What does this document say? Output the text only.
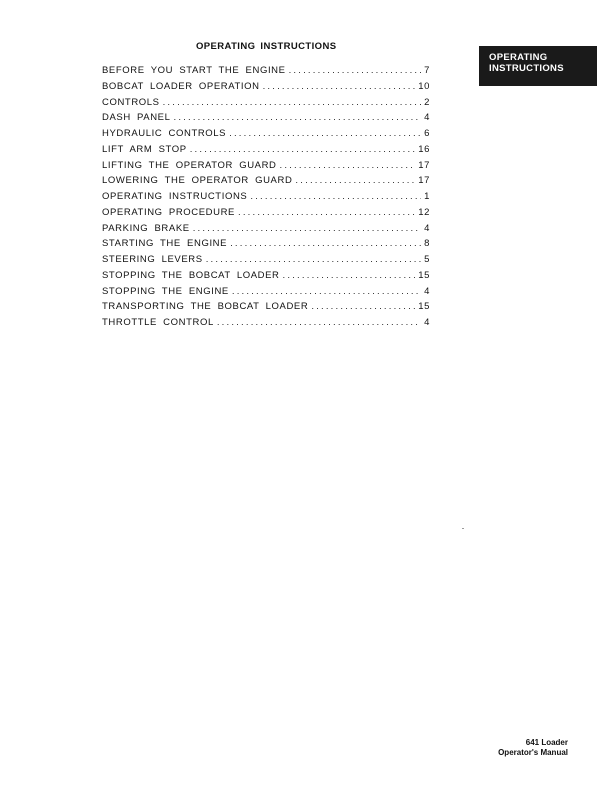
OPERATING INSTRUCTIONS
OPERATING
INSTRUCTIONS
BEFORE YOU START THE ENGINE .....	7
BOBCAT LOADER OPERATION .....	10
CONTROLS .....	2
DASH PANEL .....	4
HYDRAULIC CONTROLS .....	6
LIFT ARM STOP .....	16
LIFTING THE OPERATOR GUARD .....	17
LOWERING THE OPERATOR GUARD .....	17
OPERATING INSTRUCTIONS .....	1
OPERATING PROCEDURE .....	12
PARKING BRAKE .....	4
STARTING THE ENGINE .....	8
STEERING LEVERS .....	5
STOPPING THE BOBCAT LOADER .....	15
STOPPING THE ENGINE .....	4
TRANSPORTING THE BOBCAT LOADER .....	15
THROTTLE CONTROL .....	4
641 Loader
Operator's Manual
